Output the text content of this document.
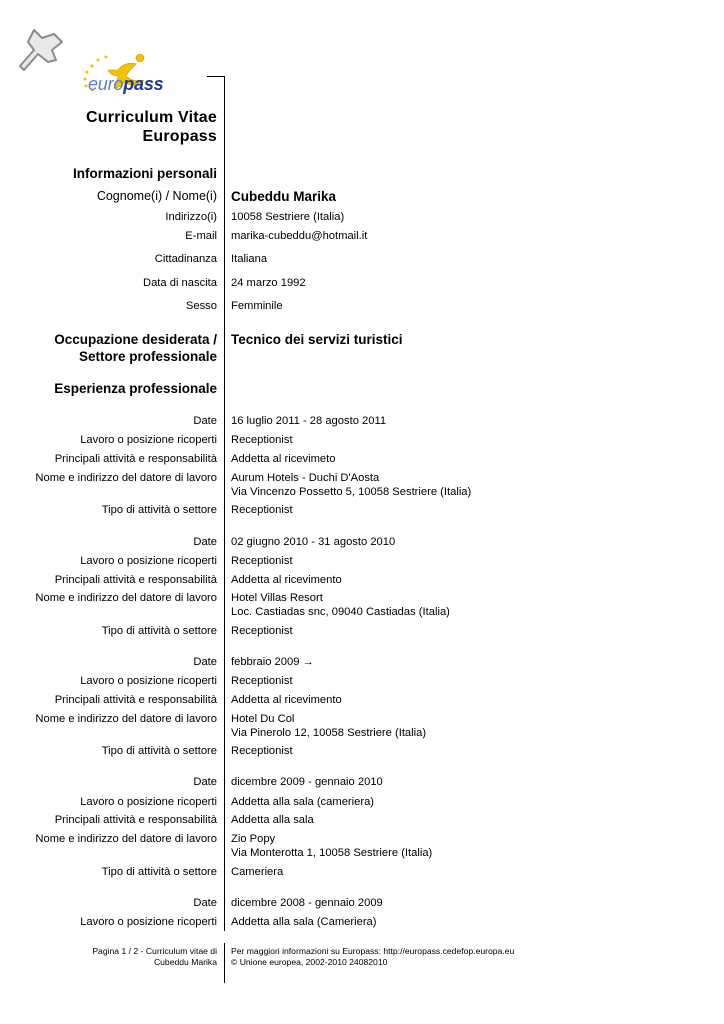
europass
Curriculum Vitae
Europass
Informazioni personali
Cognome(i) / Nome(i) Cubeddu Marika
Indirizzo(i) 10058 Sestriere (Italia)
E-mail marika-cubeddu@hotmail.it
Cittadinanza Italiana
Data di nascita 24 marzo 1992
Sesso Femminile
Occupazione desiderata /
Settore professionale
Tecnico dei servizi turistici
Esperienza professionale
Date 16 luglio 2011 - 28 agosto 2011
Lavoro o posizione ricoperti Receptionist
Principali attività e responsabilità Addetta al ricevimeto
Nome e indirizzo del datore di lavoro Aurum Hotels - Duchi D'Aosta
Via Vincenzo Possetto 5, 10058 Sestriere (Italia)
Tipo di attività o settore Receptionist
Date 02 giugno 2010 - 31 agosto 2010
Lavoro o posizione ricoperti Receptionist
Principali attività e responsabilità Addetta al ricevimento
Nome e indirizzo del datore di lavoro Hotel Villas Resort
Loc. Castiadas snc, 09040 Castiadas (Italia)
Tipo di attività o settore Receptionist
Date febbraio 2009 →
Lavoro o posizione ricoperti Receptionist
Principali attività e responsabilità Addetta al ricevimento
Nome e indirizzo del datore di lavoro Hotel Du Col
Via Pinerolo 12, 10058 Sestriere (Italia)
Tipo di attività o settore Receptionist
Date dicembre 2009 - gennaio 2010
Lavoro o posizione ricoperti Addetta alla sala (cameriera)
Principali attività e responsabilità Addetta alla sala
Nome e indirizzo del datore di lavoro Zio Popy
Via Monterotta 1, 10058 Sestriere (Italia)
Tipo di attività o settore Cameriera
Date dicembre 2008 - gennaio 2009
Lavoro o posizione ricoperti Addetta alla sala (Cameriera)
Pagina 1 / 2 - Curriculum vitae di
Cubeddu Marika
Per maggiori informazioni su Europass: http://europass.cedefop.europa.eu
© Unione europea, 2002-2010 24082010
